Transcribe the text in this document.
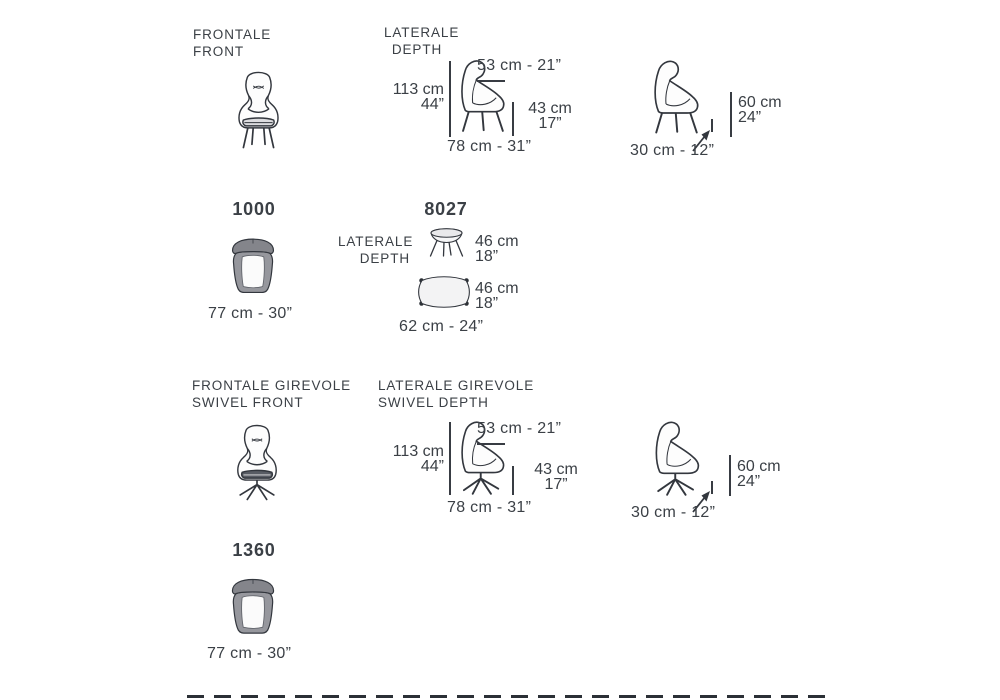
FRONTALE
FRONT
LATERALE
DEPTH
113 cm
44”
53 cm - 21”
43 cm
17”
78 cm - 31”
60 cm
24”
30 cm - 12”
1000
77 cm - 30”
8027
LATERALE
DEPTH
46 cm
18”
46 cm
18”
62 cm - 24”
FRONTALE GIREVOLE
SWIVEL FRONT
LATERALE GIREVOLE
SWIVEL DEPTH
113 cm
44”
53 cm - 21”
43 cm
17”
78 cm - 31”
60 cm
24”
30 cm - 12”
1360
77 cm - 30”
